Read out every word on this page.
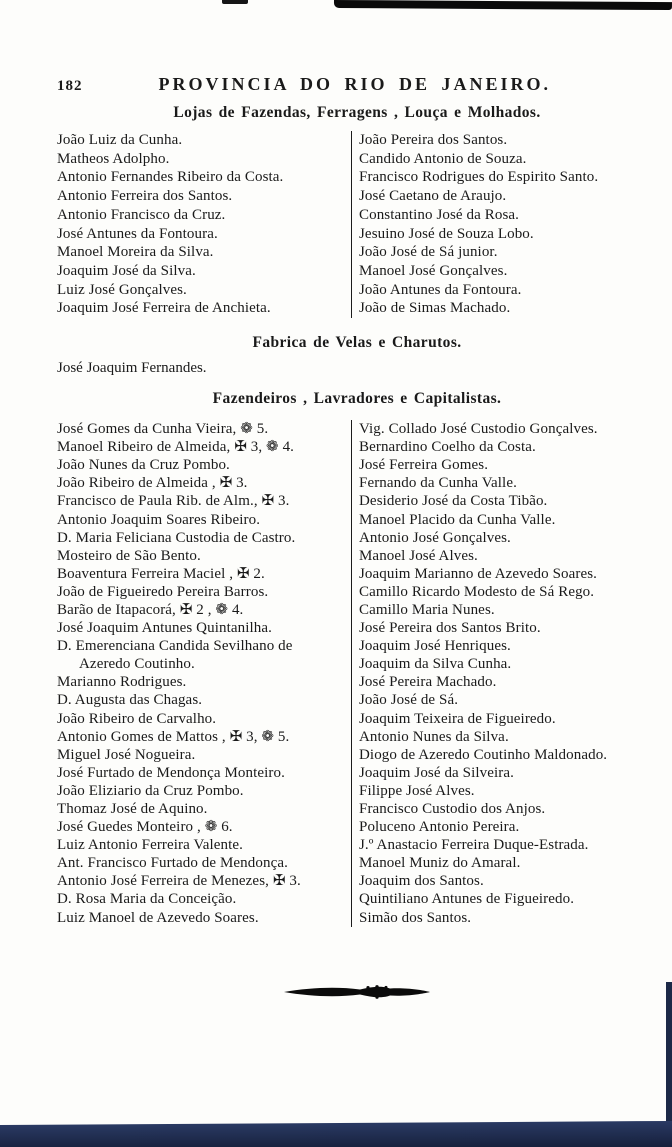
182	PROVINCIA DO RIO DE JANEIRO.
Lojas de Fazendas, Ferragens , Louça e Molhados.
João Luiz da Cunha.
Matheos Adolpho.
Antonio Fernandes Ribeiro da Costa.
Antonio Ferreira dos Santos.
Antonio Francisco da Cruz.
José Antunes da Fontoura.
Manoel Moreira da Silva.
Joaquim José da Silva.
Luiz José Gonçalves.
Joaquim José Ferreira de Anchieta.
João Pereira dos Santos.
Candido Antonio de Souza.
Francisco Rodrigues do Espirito Santo.
José Caetano de Araujo.
Constantino José da Rosa.
Jesuino José de Souza Lobo.
João José de Sá junior.
Manoel José Gonçalves.
João Antunes da Fontoura.
João de Simas Machado.
Fabrica de Velas e Charutos.
José Joaquim Fernandes.
Fazendeiros , Lavradores e Capitalistas.
José Gomes da Cunha Vieira, ❁ 5.
Manoel Ribeiro de Almeida, ✠ 3, ❁ 4.
João Nunes da Cruz Pombo.
João Ribeiro de Almeida , ✠ 3.
Francisco de Paula Rib. de Alm., ✠ 3.
Antonio Joaquim Soares Ribeiro.
D. Maria Feliciana Custodia de Castro.
Mosteiro de São Bento.
Boaventura Ferreira Maciel , ✠ 2.
João de Figueiredo Pereira Barros.
Barão de Itapacorá, ✠ 2 , ❁ 4.
José Joaquim Antunes Quintanilha.
D. Emerenciana Candida Sevilhano de
Azeredo Coutinho.
Marianno Rodrigues.
D. Augusta das Chagas.
João Ribeiro de Carvalho.
Antonio Gomes de Mattos , ✠ 3, ❁ 5.
Miguel José Nogueira.
José Furtado de Mendonça Monteiro.
João Eliziario da Cruz Pombo.
Thomaz José de Aquino.
José Guedes Monteiro , ❁ 6.
Luiz Antonio Ferreira Valente.
Ant. Francisco Furtado de Mendonça.
Antonio José Ferreira de Menezes, ✠ 3.
D. Rosa Maria da Conceição.
Luiz Manoel de Azevedo Soares.
Vig. Collado José Custodio Gonçalves.
Bernardino Coelho da Costa.
José Ferreira Gomes.
Fernando da Cunha Valle.
Desiderio José da Costa Tibão.
Manoel Placido da Cunha Valle.
Antonio José Gonçalves.
Manoel José Alves.
Joaquim Marianno de Azevedo Soares.
Camillo Ricardo Modesto de Sá Rego.
Camillo Maria Nunes.
José Pereira dos Santos Brito.
Joaquim José Henriques.
Joaquim da Silva Cunha.
José Pereira Machado.
João José de Sá.
Joaquim Teixeira de Figueiredo.
Antonio Nunes da Silva.
Diogo de Azeredo Coutinho Maldonado.
Joaquim José da Silveira.
Filippe José Alves.
Francisco Custodio dos Anjos.
Poluceno Antonio Pereira.
J.º Anastacio Ferreira Duque-Estrada.
Manoel Muniz do Amaral.
Joaquim dos Santos.
Quintiliano Antunes de Figueiredo.
Simão dos Santos.
